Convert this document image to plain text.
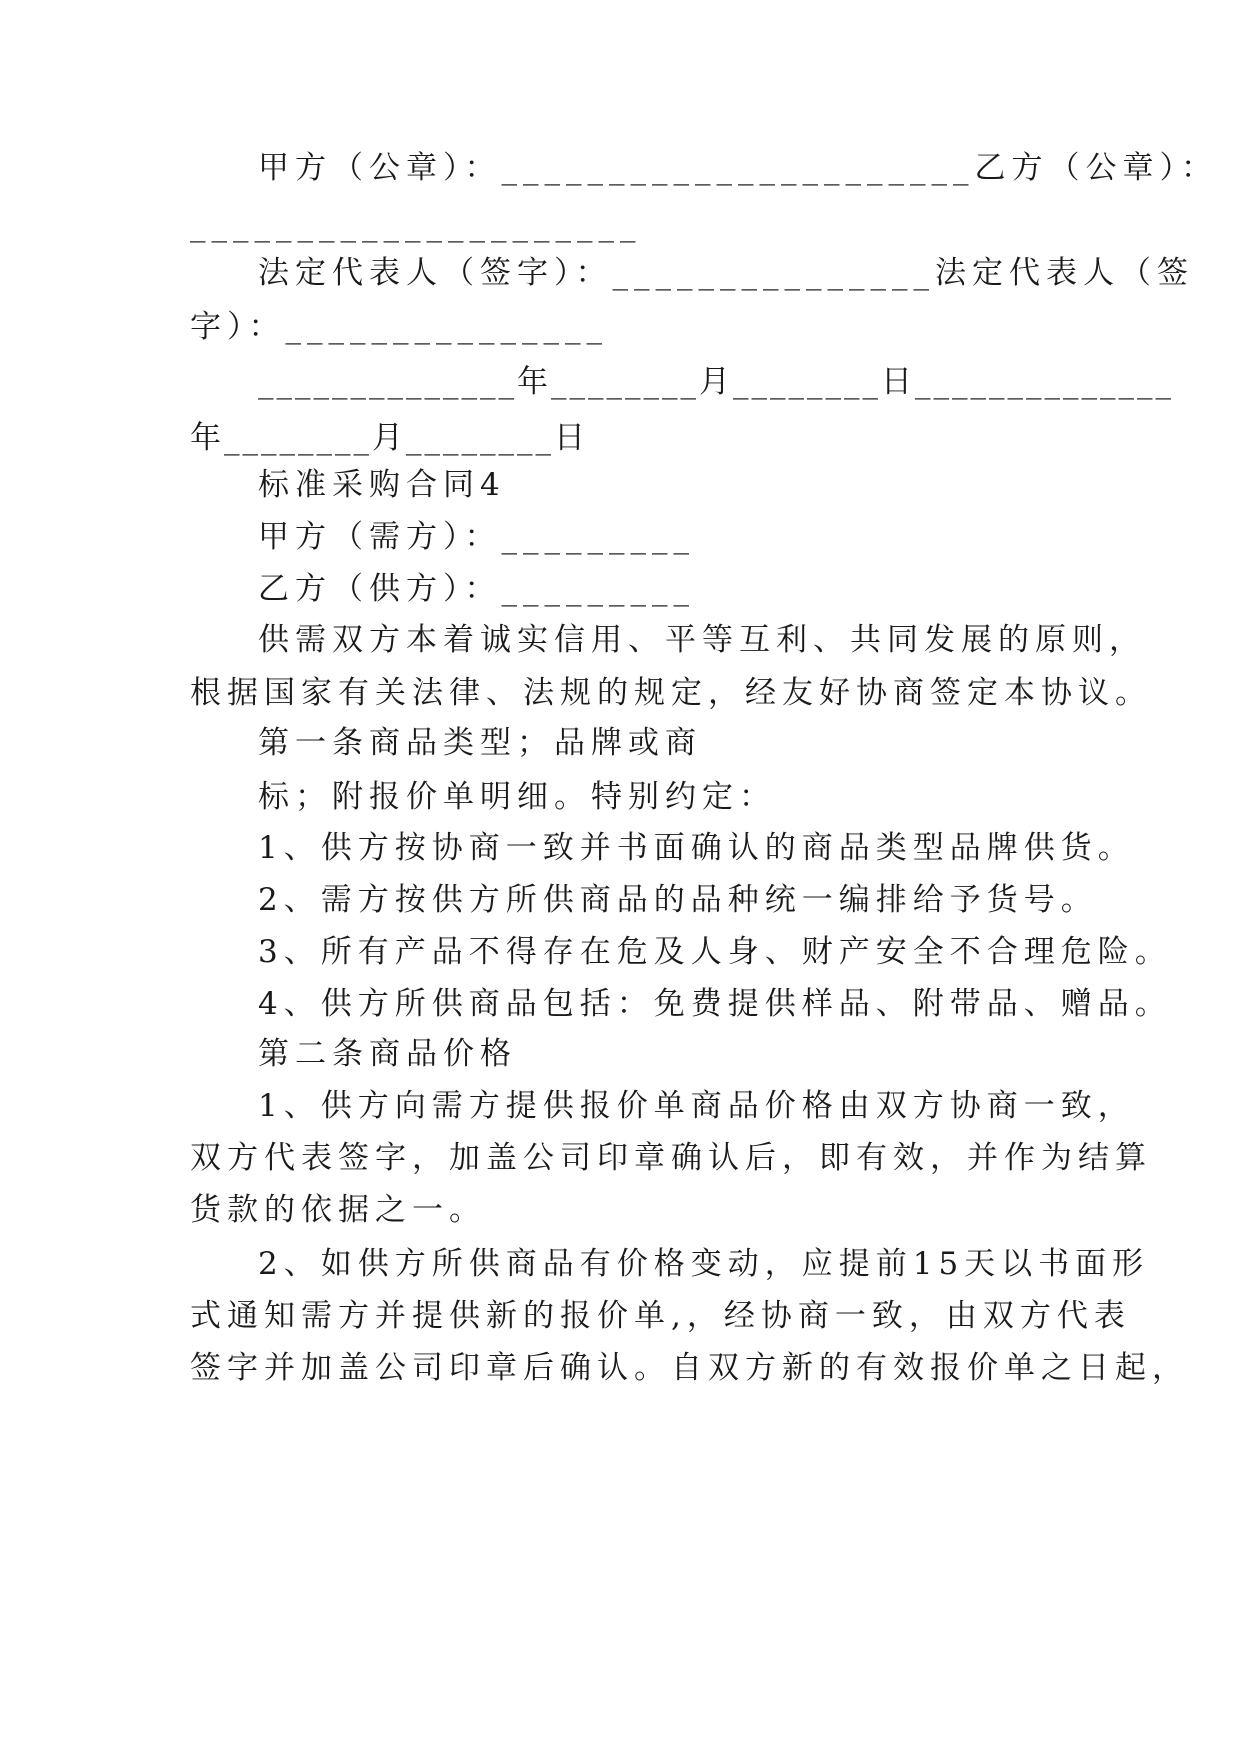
甲方（公章）：______________________乙方（公章）：

_____________________

法定代表人（签字）：_______________法定代表人（签

字）：_______________

______________年________月________日______________

年________月________日

标准采购合同4

甲方（需方）：_________

乙方（供方）：_________

供需双方本着诚实信用、平等互利、共同发展的原则，

根据国家有关法律、法规的规定，经友好协商签定本协议。

第一条商品类型；品牌或商

标；附报价单明细。特别约定：

1、供方按协商一致并书面确认的商品类型品牌供货。

2、需方按供方所供商品的品种统一编排给予货号。

3、所有产品不得存在危及人身、财产安全不合理危险。

4、供方所供商品包括：免费提供样品、附带品、赠品。

第二条商品价格

1、供方向需方提供报价单商品价格由双方协商一致，

双方代表签字，加盖公司印章确认后，即有效，并作为结算

货款的依据之一。

2、如供方所供商品有价格变动，应提前15天以书面形

式通知需方并提供新的报价单,，经协商一致，由双方代表

签字并加盖公司印章后确认。自双方新的有效报价单之日起，
